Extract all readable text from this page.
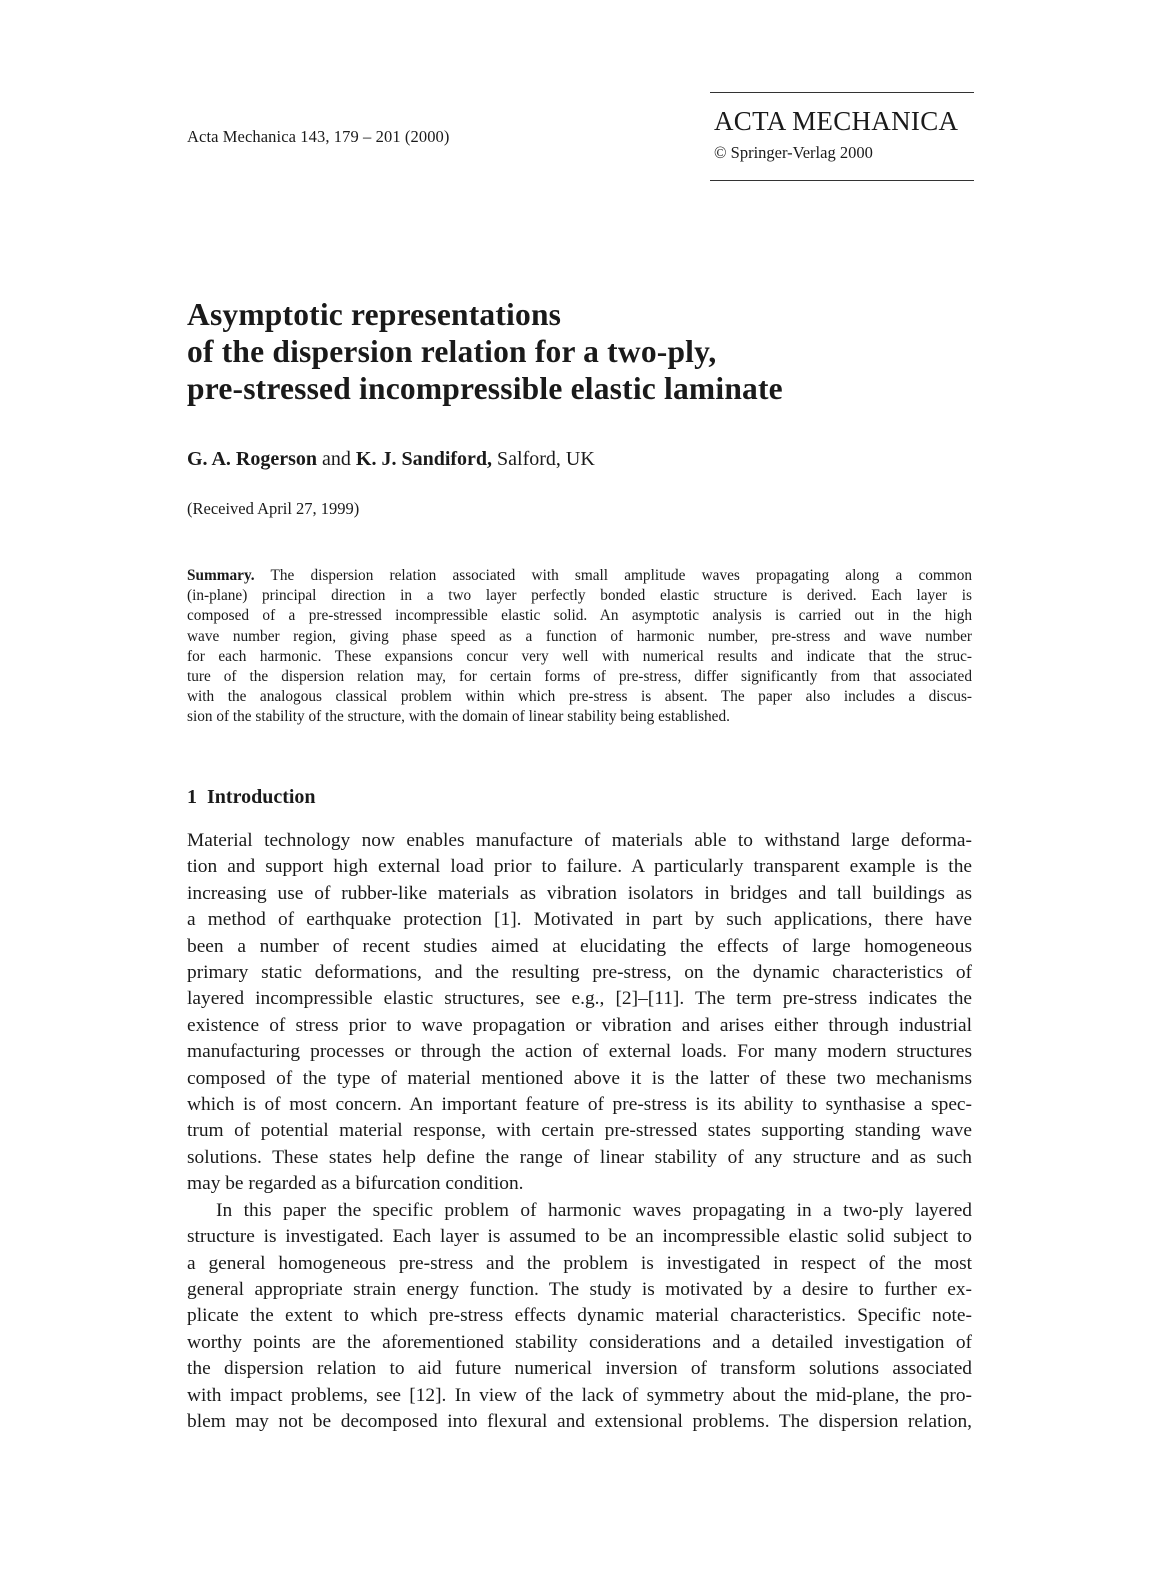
Acta Mechanica 143, 179 – 201 (2000)
ACTA MECHANICA
© Springer-Verlag 2000
Asymptotic representations
of the dispersion relation for a two-ply,
pre-stressed incompressible elastic laminate
G. A. Rogerson and K. J. Sandiford, Salford, UK
(Received April 27, 1999)
Summary. The dispersion relation associated with small amplitude waves propagating along a common
(in-plane) principal direction in a two layer perfectly bonded elastic structure is derived. Each layer is
composed of a pre-stressed incompressible elastic solid. An asymptotic analysis is carried out in the high
wave number region, giving phase speed as a function of harmonic number, pre-stress and wave number
for each harmonic. These expansions concur very well with numerical results and indicate that the struc-
ture of the dispersion relation may, for certain forms of pre-stress, differ significantly from that associated
with the analogous classical problem within which pre-stress is absent. The paper also includes a discus-
sion of the stability of the structure, with the domain of linear stability being established.
1 Introduction
Material technology now enables manufacture of materials able to withstand large deforma-
tion and support high external load prior to failure. A particularly transparent example is the
increasing use of rubber-like materials as vibration isolators in bridges and tall buildings as
a method of earthquake protection [1]. Motivated in part by such applications, there have
been a number of recent studies aimed at elucidating the effects of large homogeneous
primary static deformations, and the resulting pre-stress, on the dynamic characteristics of
layered incompressible elastic structures, see e.g., [2]–[11]. The term pre-stress indicates the
existence of stress prior to wave propagation or vibration and arises either through industrial
manufacturing processes or through the action of external loads. For many modern structures
composed of the type of material mentioned above it is the latter of these two mechanisms
which is of most concern. An important feature of pre-stress is its ability to synthasise a spec-
trum of potential material response, with certain pre-stressed states supporting standing wave
solutions. These states help define the range of linear stability of any structure and as such
may be regarded as a bifurcation condition.
In this paper the specific problem of harmonic waves propagating in a two-ply layered
structure is investigated. Each layer is assumed to be an incompressible elastic solid subject to
a general homogeneous pre-stress and the problem is investigated in respect of the most
general appropriate strain energy function. The study is motivated by a desire to further ex-
plicate the extent to which pre-stress effects dynamic material characteristics. Specific note-
worthy points are the aforementioned stability considerations and a detailed investigation of
the dispersion relation to aid future numerical inversion of transform solutions associated
with impact problems, see [12]. In view of the lack of symmetry about the mid-plane, the pro-
blem may not be decomposed into flexural and extensional problems. The dispersion relation,
